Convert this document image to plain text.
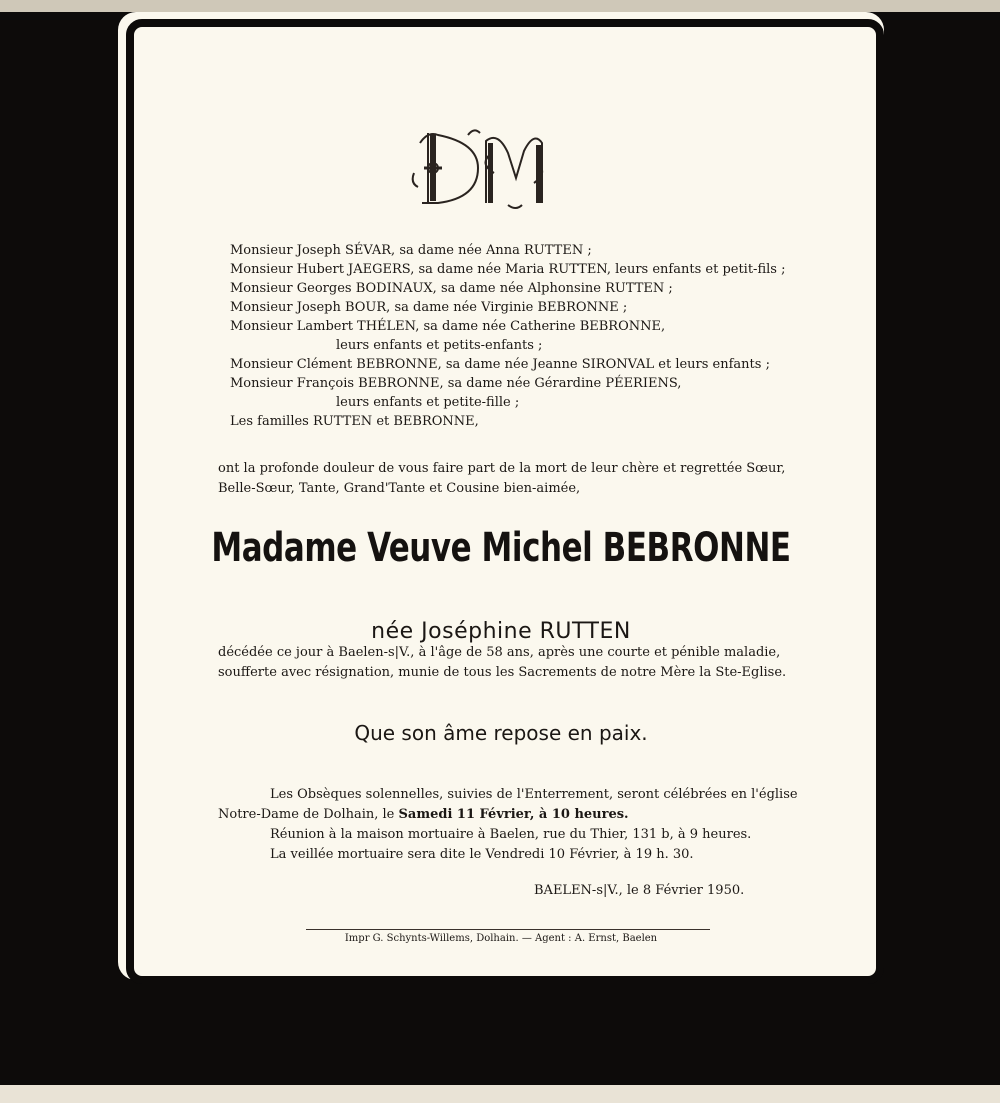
Monsieur Joseph SÉVAR, sa dame née Anna RUTTEN ;
Monsieur Hubert JAEGERS, sa dame née Maria RUTTEN, leurs enfants et petit-fils ;
Monsieur Georges BODINAUX, sa dame née Alphonsine RUTTEN ;
Monsieur Joseph BOUR, sa dame née Virginie BEBRONNE ;
Monsieur Lambert THÉLEN, sa dame née Catherine BEBRONNE,
leurs enfants et petits-enfants ;
Monsieur Clément BEBRONNE, sa dame née Jeanne SIRONVAL et leurs enfants ;
Monsieur François BEBRONNE, sa dame née Gérardine PÉERIENS,
leurs enfants et petite-fille ;
Les familles RUTTEN et BEBRONNE,
ont la profonde douleur de vous faire part de la mort de leur chère et regrettée Sœur,
Belle-Sœur, Tante, Grand'Tante et Cousine bien-aimée,
Madame Veuve Michel BEBRONNE
née Joséphine RUTTEN
décédée ce jour à Baelen-s|V., à l'âge de 58 ans, après une courte et pénible maladie,
soufferte avec résignation, munie de tous les Sacrements de notre Mère la Ste-Eglise.
Que son âme repose en paix.
Les Obsèques solennelles, suivies de l'Enterrement, seront célébrées en l'église
Notre-Dame de Dolhain, le Samedi 11 Février, à 10 heures.
Réunion à la maison mortuaire à Baelen, rue du Thier, 131 b, à 9 heures.
La veillée mortuaire sera dite le Vendredi 10 Février, à 19 h. 30.
BAELEN-s|V., le 8 Février 1950.
Impr G. Schynts-Willems, Dolhain. — Agent : A. Ernst, Baelen
